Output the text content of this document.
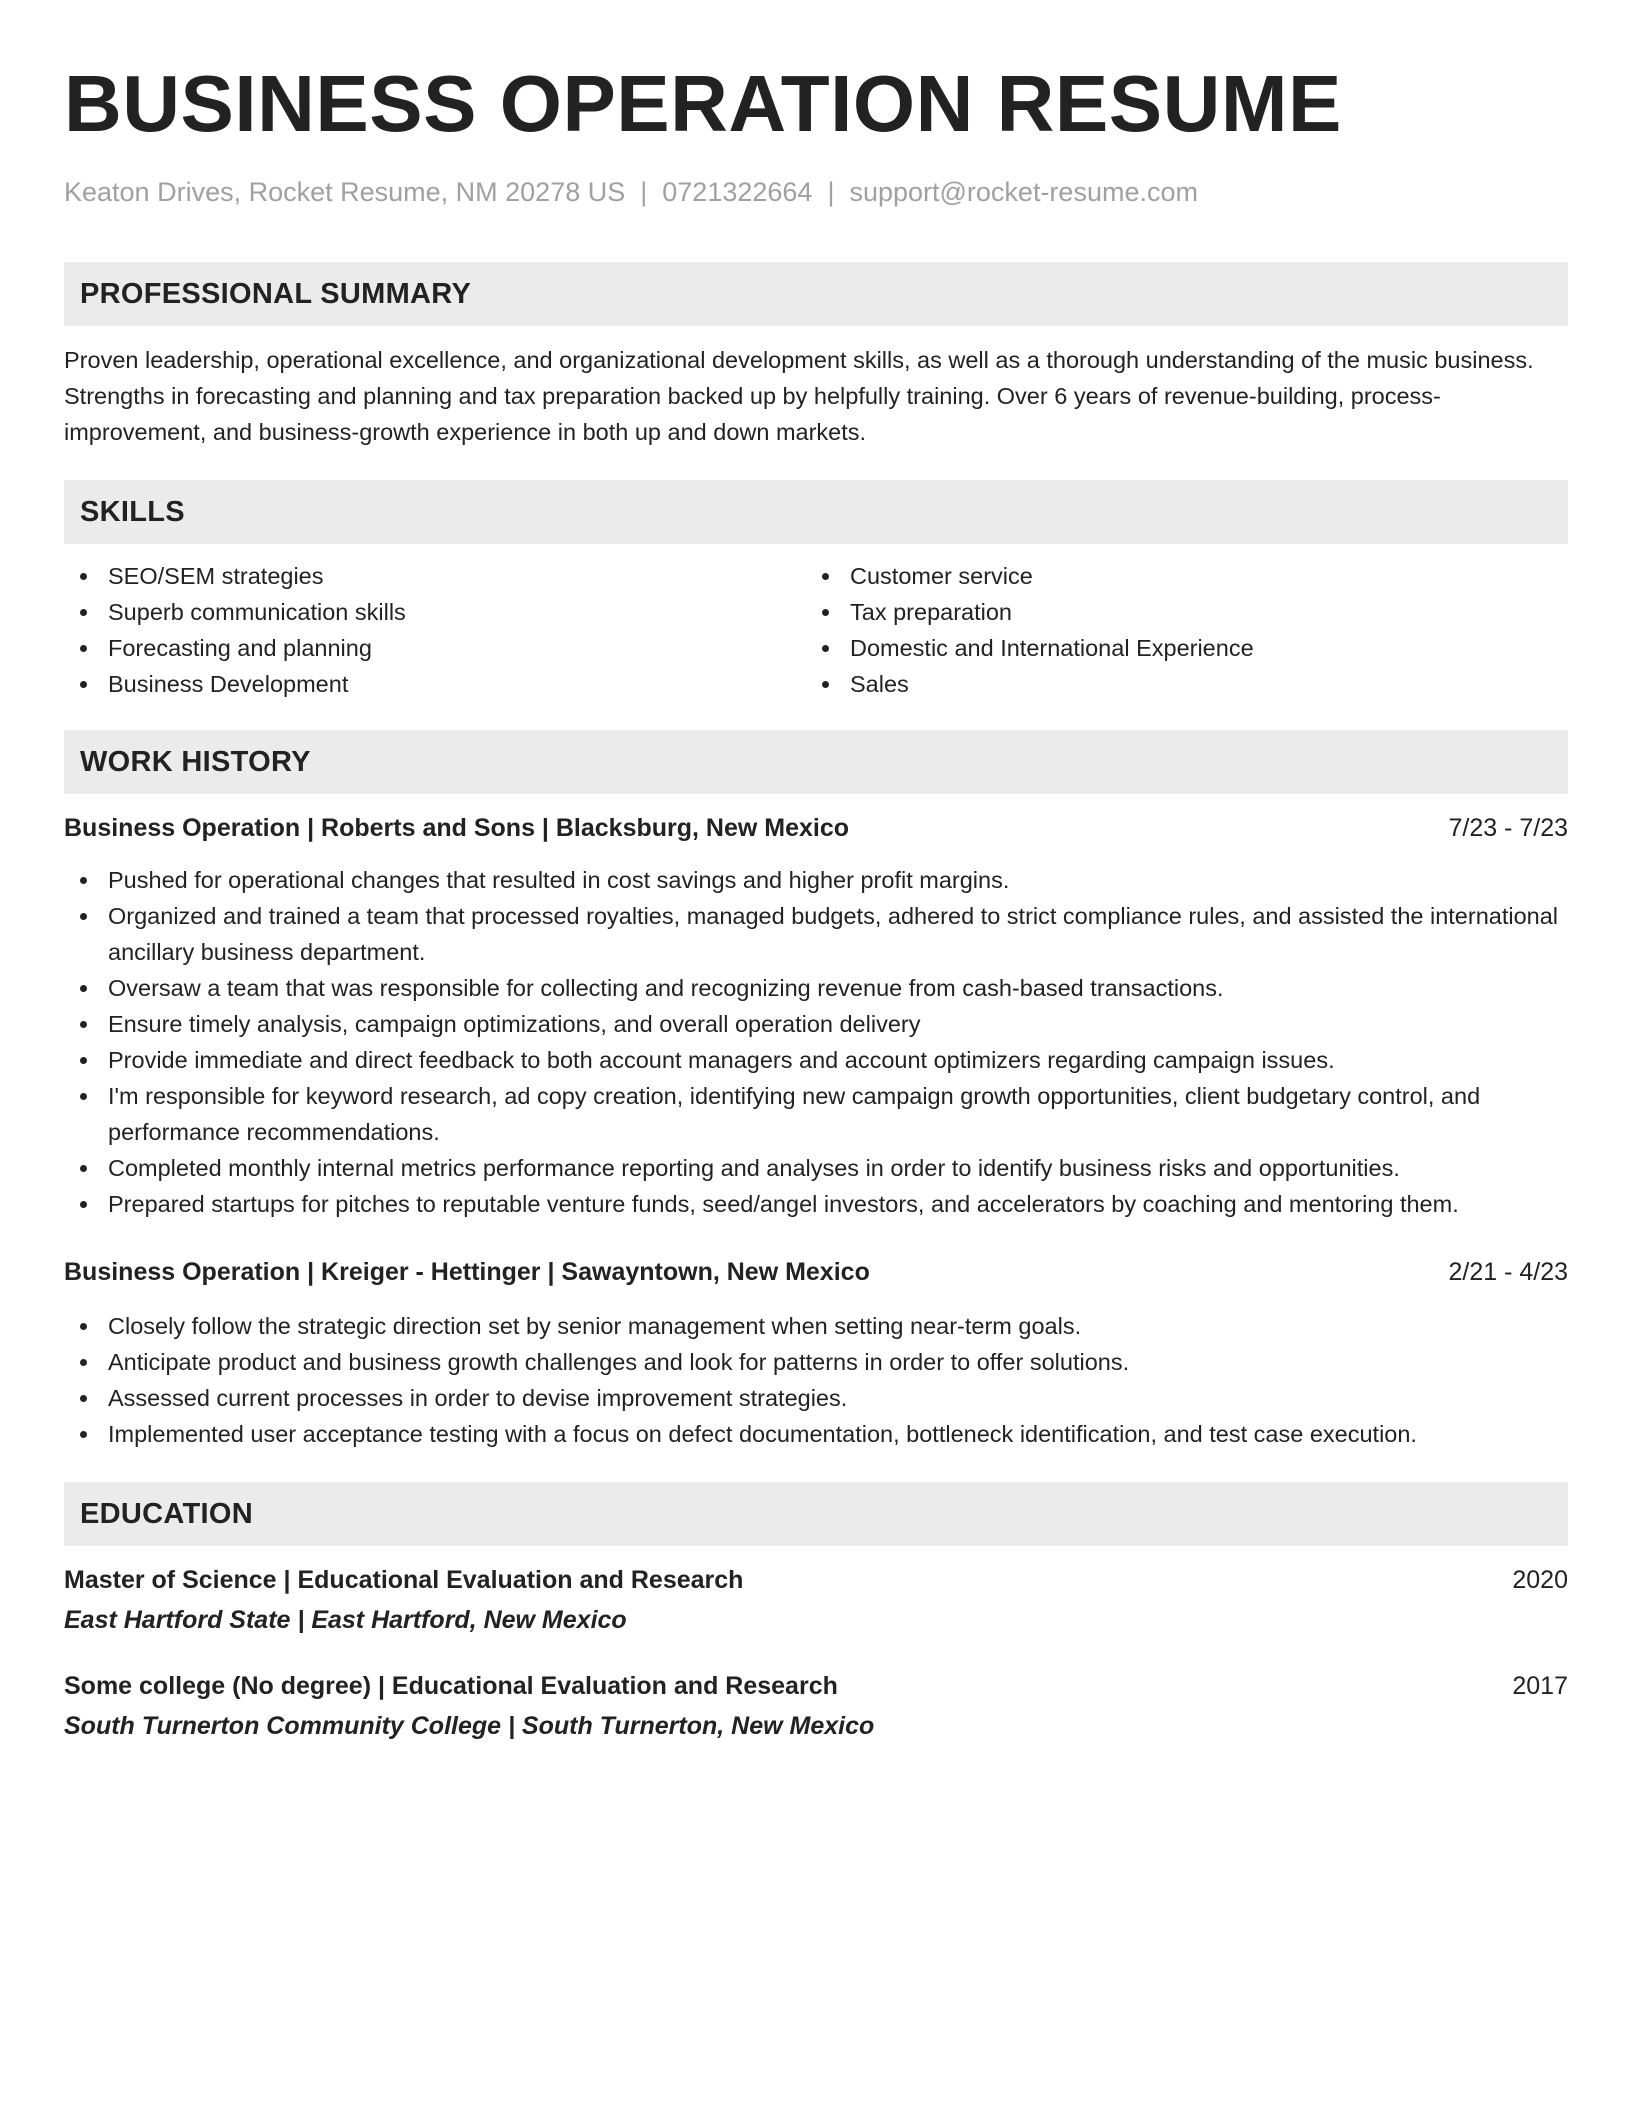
BUSINESS OPERATION RESUME
Keaton Drives, Rocket Resume, NM 20278 US | 0721322664 | support@rocket-resume.com
PROFESSIONAL SUMMARY

Proven leadership, operational excellence, and organizational development skills, as well as a thorough understanding of the music business. Strengths in forecasting and planning and tax preparation backed up by helpfully training. Over 6 years of revenue-building, process-improvement, and business-growth experience in both up and down markets.

SKILLS
SEO/SEM strategies
Superb communication skills
Forecasting and planning
Business Development
Customer service
Tax preparation
Domestic and International Experience
Sales
WORK HISTORY
Business Operation | Roberts and Sons | Blacksburg, New Mexico	7/23 - 7/23
Pushed for operational changes that resulted in cost savings and higher profit margins.
Organized and trained a team that processed royalties, managed budgets, adhered to strict compliance rules, and assisted the international ancillary business department.
Oversaw a team that was responsible for collecting and recognizing revenue from cash-based transactions.
Ensure timely analysis, campaign optimizations, and overall operation delivery
Provide immediate and direct feedback to both account managers and account optimizers regarding campaign issues.
I'm responsible for keyword research, ad copy creation, identifying new campaign growth opportunities, client budgetary control, and performance recommendations.
Completed monthly internal metrics performance reporting and analyses in order to identify business risks and opportunities.
Prepared startups for pitches to reputable venture funds, seed/angel investors, and accelerators by coaching and mentoring them.
Business Operation | Kreiger - Hettinger | Sawayntown, New Mexico	2/21 - 4/23
Closely follow the strategic direction set by senior management when setting near-term goals.
Anticipate product and business growth challenges and look for patterns in order to offer solutions.
Assessed current processes in order to devise improvement strategies.
Implemented user acceptance testing with a focus on defect documentation, bottleneck identification, and test case execution.
EDUCATION
Master of Science | Educational Evaluation and Research	2020
East Hartford State | East Hartford, New Mexico
Some college (No degree) | Educational Evaluation and Research	2017
South Turnerton Community College | South Turnerton, New Mexico
